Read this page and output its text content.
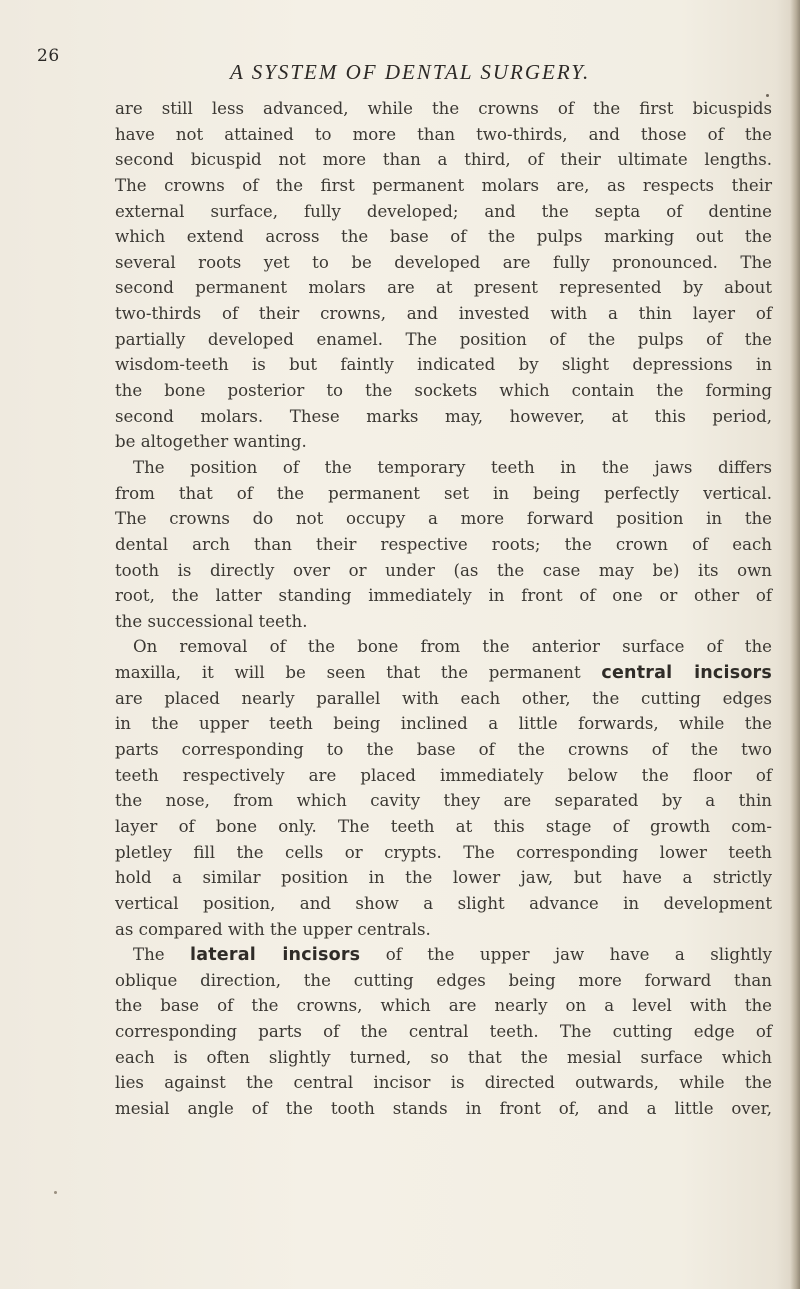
26
A SYSTEM OF DENTAL SURGERY.
are still less advanced, while the crowns of the first bicuspids
have not attained to more than two-thirds, and those of the
second bicuspid not more than a third, of their ultimate lengths.
The crowns of the first permanent molars are, as respects their
external surface, fully developed; and the septa of dentine
which extend across the base of the pulps marking out the
several roots yet to be developed are fully pronounced. The
second permanent molars are at present represented by about
two-thirds of their crowns, and invested with a thin layer of
partially developed enamel. The position of the pulps of the
wisdom-teeth is but faintly indicated by slight depressions in
the bone posterior to the sockets which contain the forming
second molars. These marks may, however, at this period,
be altogether wanting.
The position of the temporary teeth in the jaws differs
from that of the permanent set in being perfectly vertical.
The crowns do not occupy a more forward position in the
dental arch than their respective roots; the crown of each
tooth is directly over or under (as the case may be) its own
root, the latter standing immediately in front of one or other of
the successional teeth.
On removal of the bone from the anterior surface of the
maxilla, it will be seen that the permanent central incisors
are placed nearly parallel with each other, the cutting edges
in the upper teeth being inclined a little forwards, while the
parts corresponding to the base of the crowns of the two
teeth respectively are placed immediately below the floor of
the nose, from which cavity they are separated by a thin
layer of bone only. The teeth at this stage of growth com-
pletley fill the cells or crypts. The corresponding lower teeth
hold a similar position in the lower jaw, but have a strictly
vertical position, and show a slight advance in development
as compared with the upper centrals.
The lateral incisors of the upper jaw have a slightly
oblique direction, the cutting edges being more forward than
the base of the crowns, which are nearly on a level with the
corresponding parts of the central teeth. The cutting edge of
each is often slightly turned, so that the mesial surface which
lies against the central incisor is directed outwards, while the
mesial angle of the tooth stands in front of, and a little over,
